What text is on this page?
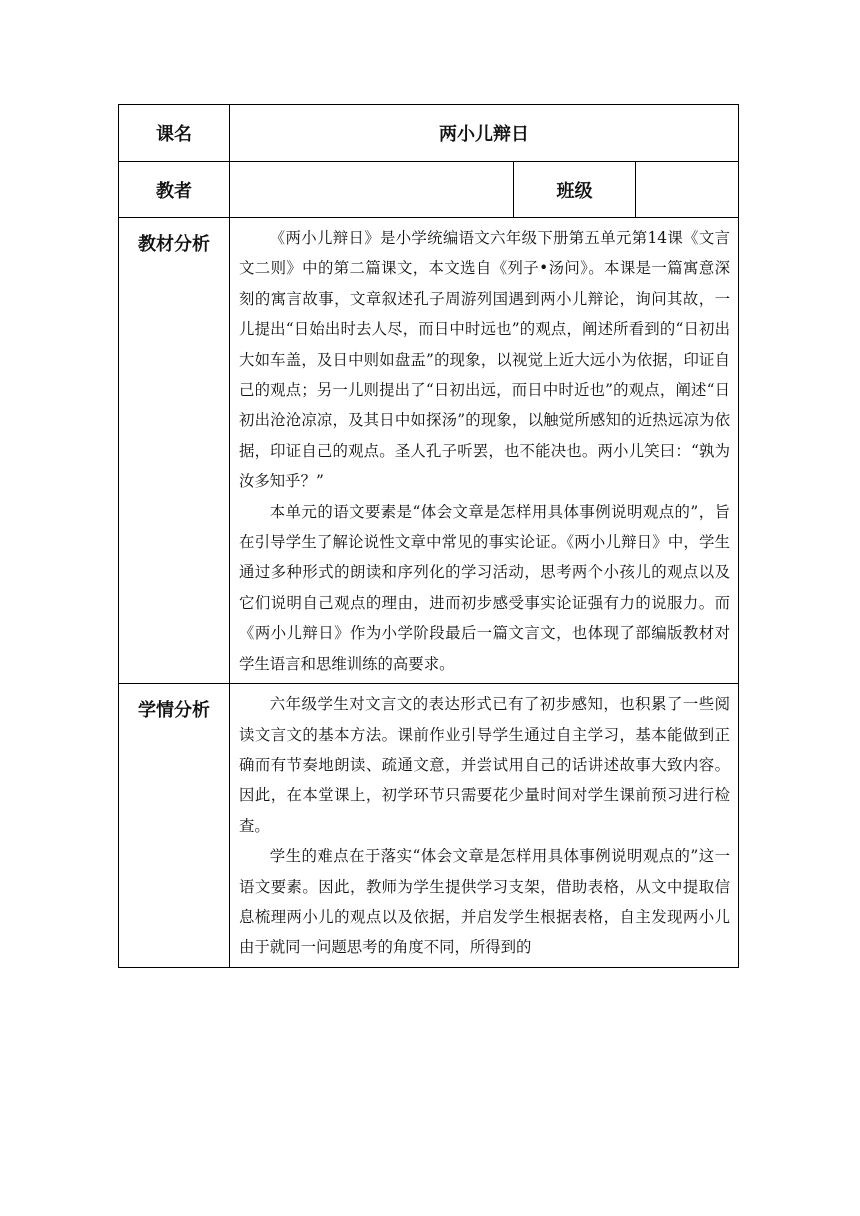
课名	两小儿辩日		
教者		班级	
教材分析	《两小儿辩日》是小学统编语文六年级下册第五单元第14课《文言文二则》中的第二篇课文，本文选自《列子•汤问》。本课是一篇寓意深刻的寓言故事，文章叙述孔子周游列国遇到两小儿辩论，询问其故，一儿提出“日始出时去人尽，而日中时远也”的观点，阐述所看到的“日初出大如车盖，及日中则如盘盂”的现象，以视觉上近大远小为依据，印证自己的观点；另一儿则提出了“日初出远，而日中时近也”的观点，阐述“日初出沧沧凉凉，及其日中如探汤”的现象，以触觉所感知的近热远凉为依据，印证自己的观点。圣人孔子听罢，也不能决也。两小儿笑曰：“孰为汝多知乎？”

本单元的语文要素是“体会文章是怎样用具体事例说明观点的”，旨在引导学生了解论说性文章中常见的事实论证。《两小儿辩日》中，学生通过多种形式的朗读和序列化的学习活动，思考两个小孩儿的观点以及它们说明自己观点的理由，进而初步感受事实论证强有力的说服力。而《两小儿辩日》作为小学阶段最后一篇文言文，也体现了部编版教材对学生语言和思维训练的高要求。		

学情分析	六年级学生对文言文的表达形式已有了初步感知，也积累了一些阅读文言文的基本方法。课前作业引导学生通过自主学习，基本能做到正确而有节奏地朗读、疏通文意，并尝试用自己的话讲述故事大致内容。因此，在本堂课上，初学环节只需要花少量时间对学生课前预习进行检查。

学生的难点在于落实“体会文章是怎样用具体事例说明观点的”这一语文要素。因此，教师为学生提供学习支架，借助表格，从文中提取信息梳理两小儿的观点以及依据，并启发学生根据表格，自主发现两小儿由于就同一问题思考的角度不同，所得到的		
